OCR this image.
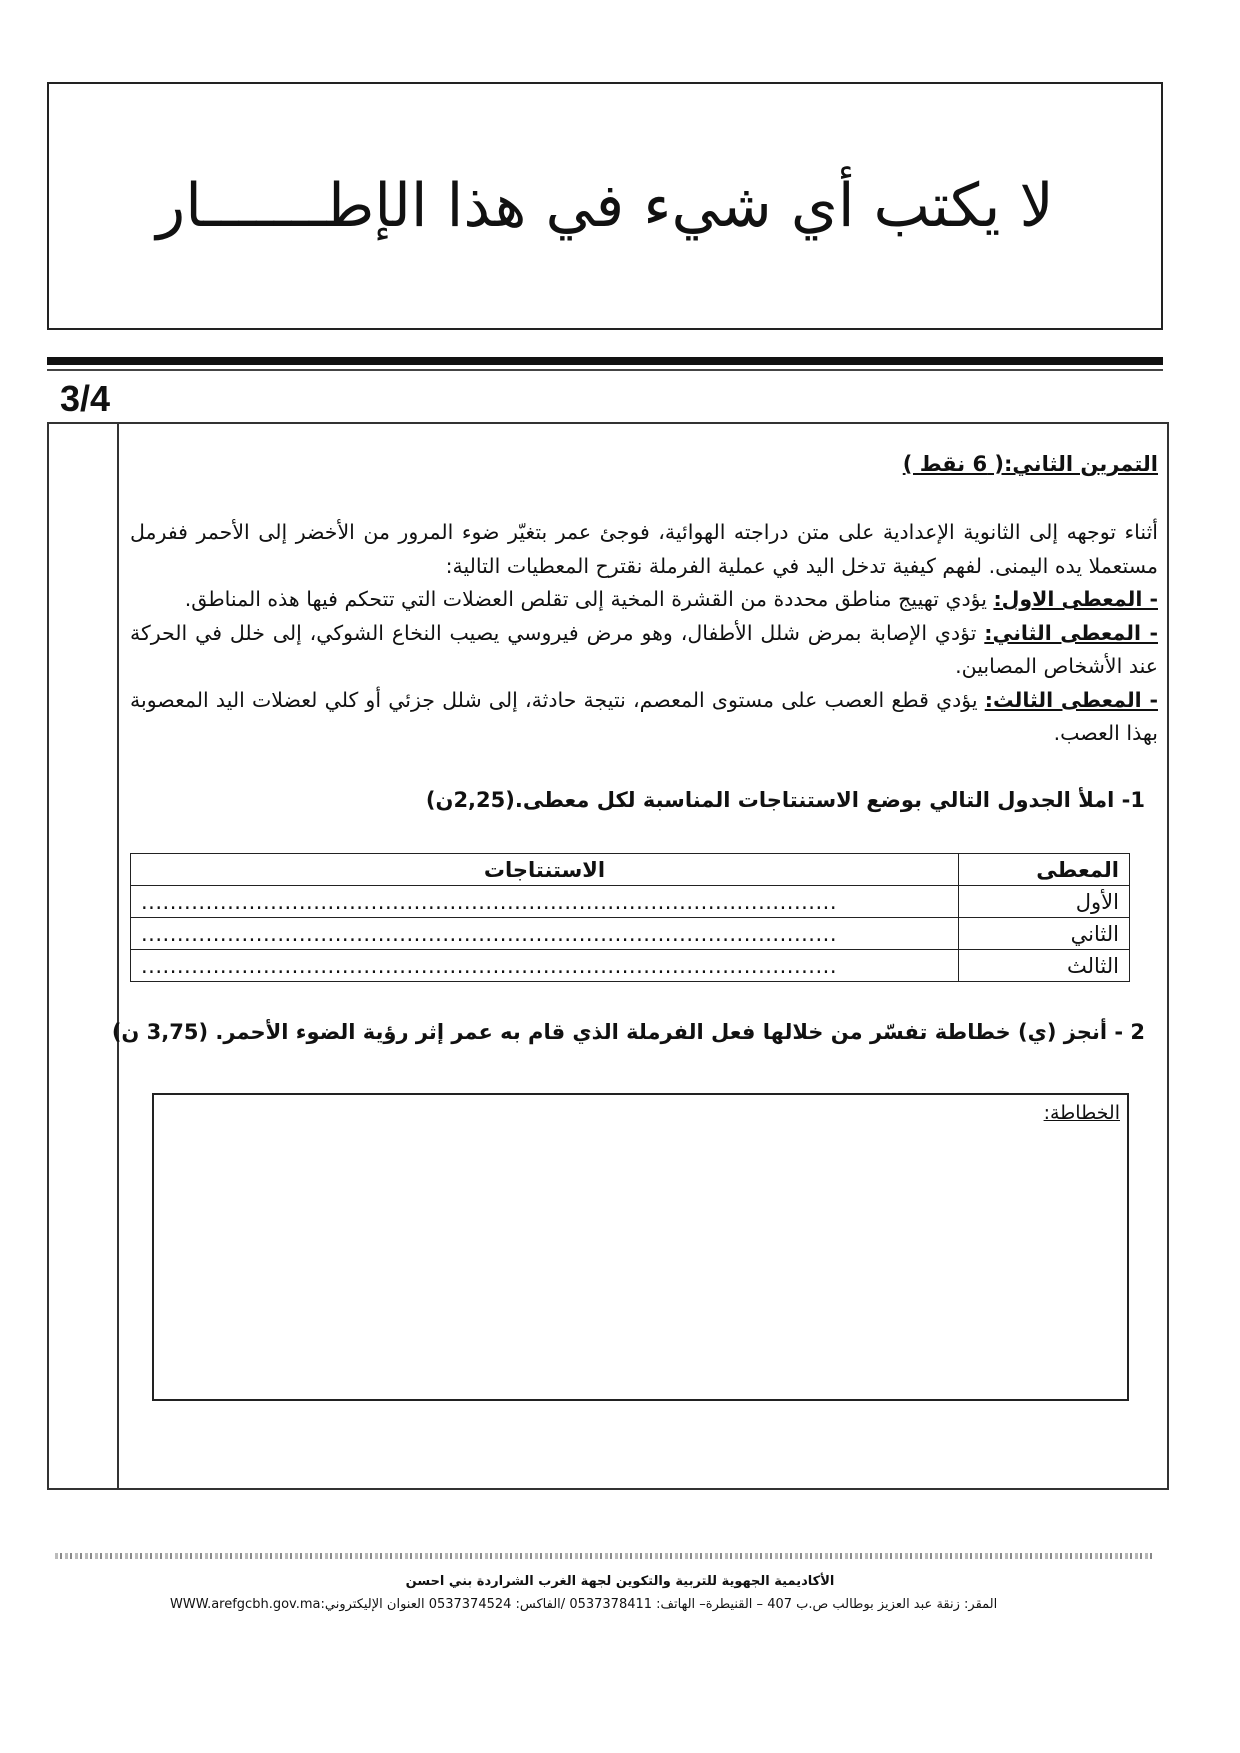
لا يكتب أي شيء في هذا الإطـــــــار
3/4
التمرين الثاني:( 6 نقط )

أثناء توجهه إلى الثانوية الإعدادية على متن دراجته الهوائية، فوجئ عمر بتغيّر ضوء المرور من الأخضر إلى الأحمر ففرمل مستعملا يده اليمنى. لفهم كيفية تدخل اليد في عملية الفرملة نقترح المعطيات التالية:

- المعطى الاول: يؤدي تهييج مناطق محددة من القشرة المخية إلى تقلص العضلات التي تتحكم فيها هذه المناطق.

- المعطى الثاني: تؤدي الإصابة بمرض شلل الأطفال، وهو مرض فيروسي يصيب النخاع الشوكي، إلى خلل في الحركة عند الأشخاص المصابين.

- المعطى الثالث: يؤدي قطع العصب على مستوى المعصم، نتيجة حادثة، إلى شلل جزئي أو كلي لعضلات اليد المعصوبة بهذا العصب.

1- املأ الجدول التالي بوضع الاستنتاجات المناسبة لكل معطى.(2,25ن)
المعطى	الاستنتاجات
الأول	.................................................................................................
الثاني	.................................................................................................
الثالث	.................................................................................................
2 - أنجز (ي) خطاطة تفسّر من خلالها فعل الفرملة الذي قام به عمر إثر رؤية الضوء الأحمر. (3,75 ن)
الخطاطة:
الأكاديمية الجهوية للتربية والتكوين لجهة الغرب الشراردة بني احسن
المقر: زنقة عبد العزيز بوطالب ص.ب 407 – القنيطرة– الهاتف: 0537378411 /الفاكس: 0537374524 العنوان الإليكتروني:WWW.arefgcbh.gov.ma
